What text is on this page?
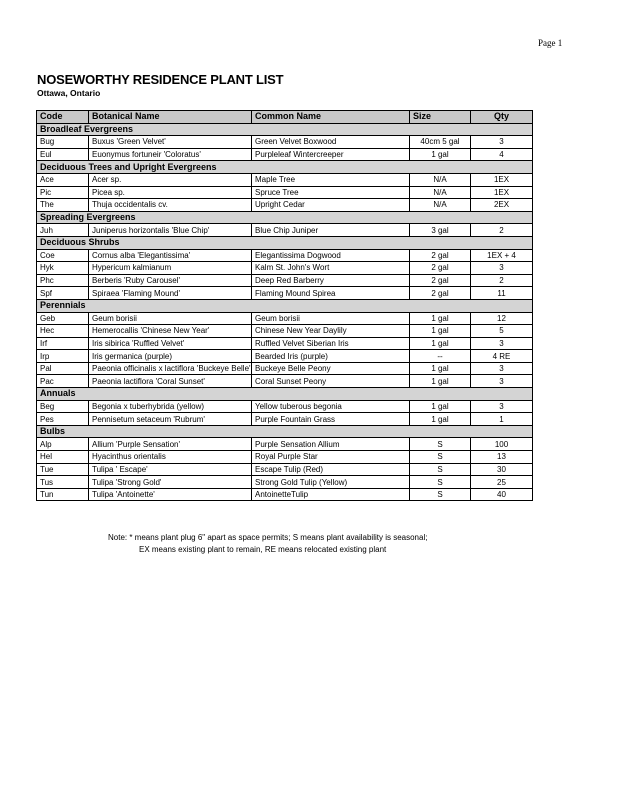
Page 1
NOSEWORTHY RESIDENCE PLANT LIST
Ottawa, Ontario
Code	Botanical Name	Common Name	Size	Qty
Broadleaf Evergreens				
Bug	Buxus 'Green Velvet'	Green Velvet Boxwood	40cm 5 gal	3
Eul	Euonymus fortuneir 'Coloratus'	Purpleleaf Wintercreeper	1 gal	4
Deciduous Trees and Upright Evergreens				
Ace	Acer sp.	Maple Tree	N/A	1EX
Pic	Picea sp.	Spruce Tree	N/A	1EX
The	Thuja occidentalis cv.	Upright Cedar	N/A	2EX
Spreading Evergreens				
Juh	Juniperus horizontalis 'Blue Chip'	Blue Chip Juniper	3 gal	2
Deciduous Shrubs				
Coe	Cornus alba 'Elegantissima'	Elegantissima Dogwood	2 gal	1EX + 4
Hyk	Hypericum kalmianum	Kalm St. John's Wort	2 gal	3
Phc	Berberis 'Ruby Carousel'	Deep Red Barberry	2 gal	2
Spf	Spiraea 'Flaming Mound'	Flaming Mound Spirea	2 gal	11
Perennials				
Geb	Geum borisii	Geum borisii	1 gal	12
Hec	Hemerocallis 'Chinese New Year'	Chinese New Year Daylily	1 gal	5
Irf	Iris sibirica 'Ruffled Velvet'	Ruffled Velvet Siberian Iris	1 gal	3
Irp	Iris germanica (purple)	Bearded Iris (purple)	--	4 RE
Pal	Paeonia officinalis x lactiflora 'Buckeye Belle'	Buckeye Belle Peony	1 gal	3
Pac	Paeonia lactiflora 'Coral Sunset'	Coral Sunset Peony	1 gal	3
Annuals				
Beg	Begonia x tuberhybrida (yellow)	Yellow tuberous begonia	1 gal	3
Pes	Pennisetum setaceum 'Rubrum'	Purple Fountain Grass	1 gal	1
Bulbs				
Alp	Allium 'Purple Sensation'	Purple Sensation Allium	S	100
Hel	Hyacinthus orientalis	Royal Purple Star	S	13
Tue	Tulipa ' Escape'	Escape Tulip (Red)	S	30
Tus	Tulipa 'Strong Gold'	Strong Gold Tulip (Yellow)	S	25
Tun	Tulipa 'Antoinette'	AntoinetteTulip	S	40
Note: * means plant plug 6" apart as space permits; S means plant availability is seasonal;
EX means existing plant to remain, RE means relocated existing plant
